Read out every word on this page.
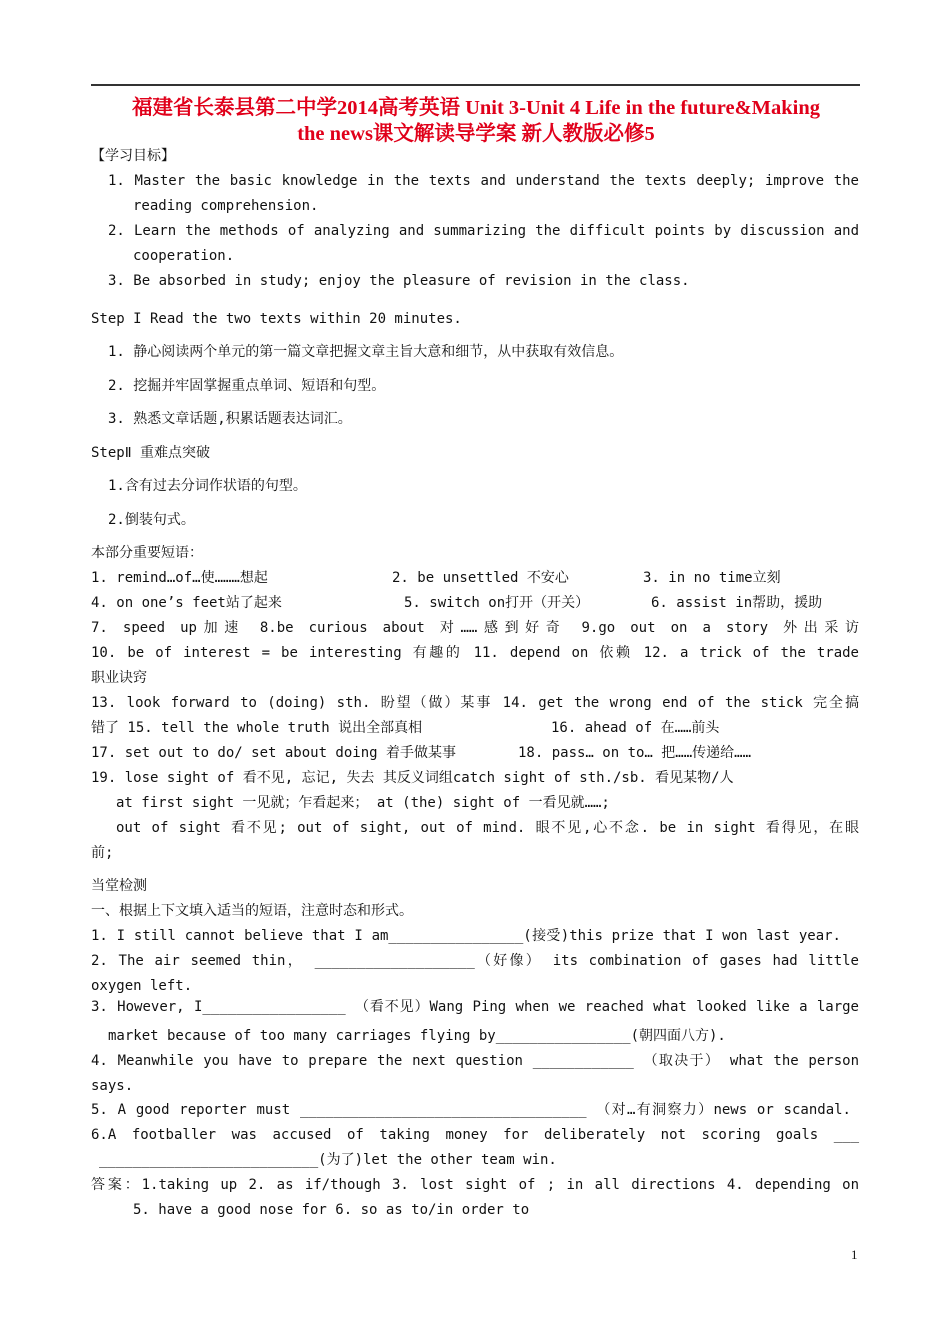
福建省长泰县第二中学2014高考英语 Unit 3-Unit 4 Life in the future&Making
the news课文解读导学案 新人教版必修5
【学习目标】
1. Master the basic knowledge in the texts and understand the texts deeply; improve the
reading comprehension.
2. Learn the methods of analyzing and summarizing the difficult points by discussion and
cooperation.
3. Be absorbed in study; enjoy the pleasure of revision in the class.
Step I Read the two texts within 20 minutes.
1. 静心阅读两个单元的第一篇文章把握文章主旨大意和细节，从中获取有效信息。
2. 挖掘并牢固掌握重点单词、短语和句型。
3. 熟悉文章话题,积累话题表达词汇。
StepⅡ 重难点突破
1.含有过去分词作状语的句型。
2.倒装句式。
本部分重要短语：
1. remind…of…使………想起	2. be unsettled 不安心	3. in no time立刻
4. on one’s feet站了起来	5. switch on打开（开关）	6. assist in帮助，援助
7. speed up加速 8.be curious about 对……感到好奇 9.go out on a story 外出采访
10. be of interest = be interesting 有趣的 11. depend on 依赖 12. a trick of the trade
职业诀窍
13. look forward to (doing) sth. 盼望（做）某事 14. get the wrong end of the stick 完全搞
错了 15. tell the whole truth 说出全部真相	16. ahead of 在……前头
17. set out to do/ set about doing 着手做某事	18. pass… on to… 把……传递给……
19. lose sight of 看不见, 忘记, 失去 其反义词组catch sight of sth./sb. 看见某物/人
at first sight 一见就；乍看起来； at (the) sight of 一看见就……;
out of sight 看不见; out of sight, out of mind. 眼不见,心不念. be in sight 看得见，在眼
前;
当堂检测
一、根据上下文填入适当的短语，注意时态和形式。
1. I still cannot believe that I am________________(接受)this prize that I won last year.
2. The air seemed thin， ___________________（好像） its combination of gases had little
oxygen left.
3. However, I_________________ （看不见）Wang Ping when we reached what looked like a large
market because of too many carriages flying by________________(朝四面八方).
4. Meanwhile you have to prepare the next question ____________ （取决于） what the person
says.
5. A good reporter must __________________________________ （对…有洞察力）news or scandal.
6.A footballer was accused of taking money for deliberately not scoring goals ___
__________________________(为了)let the other team win.
答案：1.taking up 2. as if/though 3. lost sight of ; in all directions 4. depending on
5. have a good nose for 6. so as to/in order to
1
